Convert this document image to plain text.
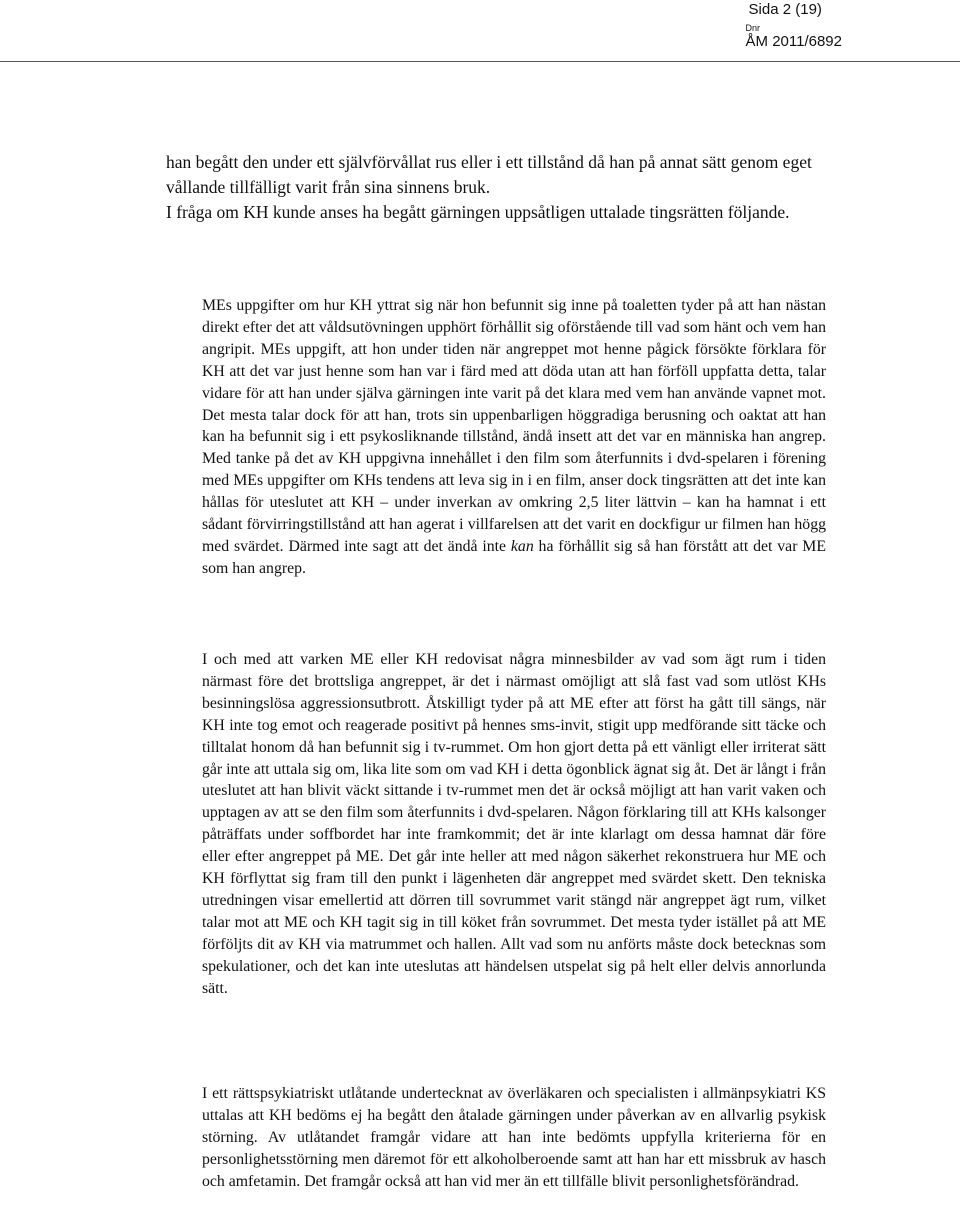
Sida 2 (19)
Dnr
ÅM 2011/6892

han begått den under ett självförvållat rus eller i ett tillstånd då han på annat sätt genom eget vållande tillfälligt varit från sina sinnens bruk.

I fråga om KH kunde anses ha begått gärningen uppsåtligen uttalade tingsrätten följande.

MEs uppgifter om hur KH yttrat sig när hon befunnit sig inne på toaletten tyder på att han nästan direkt efter det att våldsutövningen upphört förhållit sig oförstående till vad som hänt och vem han angripit. MEs uppgift, att hon under tiden när angreppet mot henne pågick försökte förklara för KH att det var just henne som han var i färd med att döda utan att han förföll uppfatta detta, talar vidare för att han under själva gärningen inte varit på det klara med vem han använde vapnet mot. Det mesta talar dock för att han, trots sin uppenbarligen höggradiga berusning och oaktat att han kan ha befunnit sig i ett psykosliknande tillstånd, ändå insett att det var en människa han angrep. Med tanke på det av KH uppgivna innehållet i den film som återfunnits i dvd-spelaren i förening med MEs uppgifter om KHs tendens att leva sig in i en film, anser dock tingsrätten att det inte kan hållas för uteslutet att KH – under inverkan av omkring 2,5 liter lättvin – kan ha hamnat i ett sådant förvirringstillstånd att han agerat i villfarelsen att det varit en dockfigur ur filmen han högg med svärdet. Därmed inte sagt att det ändå inte kan ha förhållit sig så han förstått att det var ME som han angrep.

I och med att varken ME eller KH redovisat några minnesbilder av vad som ägt rum i tiden närmast före det brottsliga angreppet, är det i närmast omöjligt att slå fast vad som utlöst KHs besinningslösa aggressionsutbrott. Åtskilligt tyder på att ME efter att först ha gått till sängs, när KH inte tog emot och reagerade positivt på hennes sms-invit, stigit upp medförande sitt täcke och tilltalat honom då han befunnit sig i tv-rummet. Om hon gjort detta på ett vänligt eller irriterat sätt går inte att uttala sig om, lika lite som om vad KH i detta ögonblick ägnat sig åt. Det är långt i från uteslutet att han blivit väckt sittande i tv-rummet men det är också möjligt att han varit vaken och upptagen av att se den film som återfunnits i dvd-spelaren. Någon förklaring till att KHs kalsonger påträffats under soffbordet har inte framkommit; det är inte klarlagt om dessa hamnat där före eller efter angreppet på ME. Det går inte heller att med någon säkerhet rekonstruera hur ME och KH förflyttat sig fram till den punkt i lägenheten där angreppet med svärdet skett. Den tekniska utredningen visar emellertid att dörren till sovrummet varit stängd när angreppet ägt rum, vilket talar mot att ME och KH tagit sig in till köket från sovrummet. Det mesta tyder istället på att ME förföljts dit av KH via matrummet och hallen. Allt vad som nu anförts måste dock betecknas som spekulationer, och det kan inte uteslutas att händelsen utspelat sig på helt eller delvis annorlunda sätt.

I ett rättspsykiatriskt utlåtande undertecknat av överläkaren och specialisten i allmänpsykiatri KS uttalas att KH bedöms ej ha begått den åtalade gärningen under påverkan av en allvarlig psykisk störning. Av utlåtandet framgår vidare att han inte bedömts uppfylla kriterierna för en personlighetsstörning men däremot för ett alkoholberoende samt att han har ett missbruk av hasch och amfetamin. Det framgår också att han vid mer än ett tillfälle blivit personlighetsförändrad.
